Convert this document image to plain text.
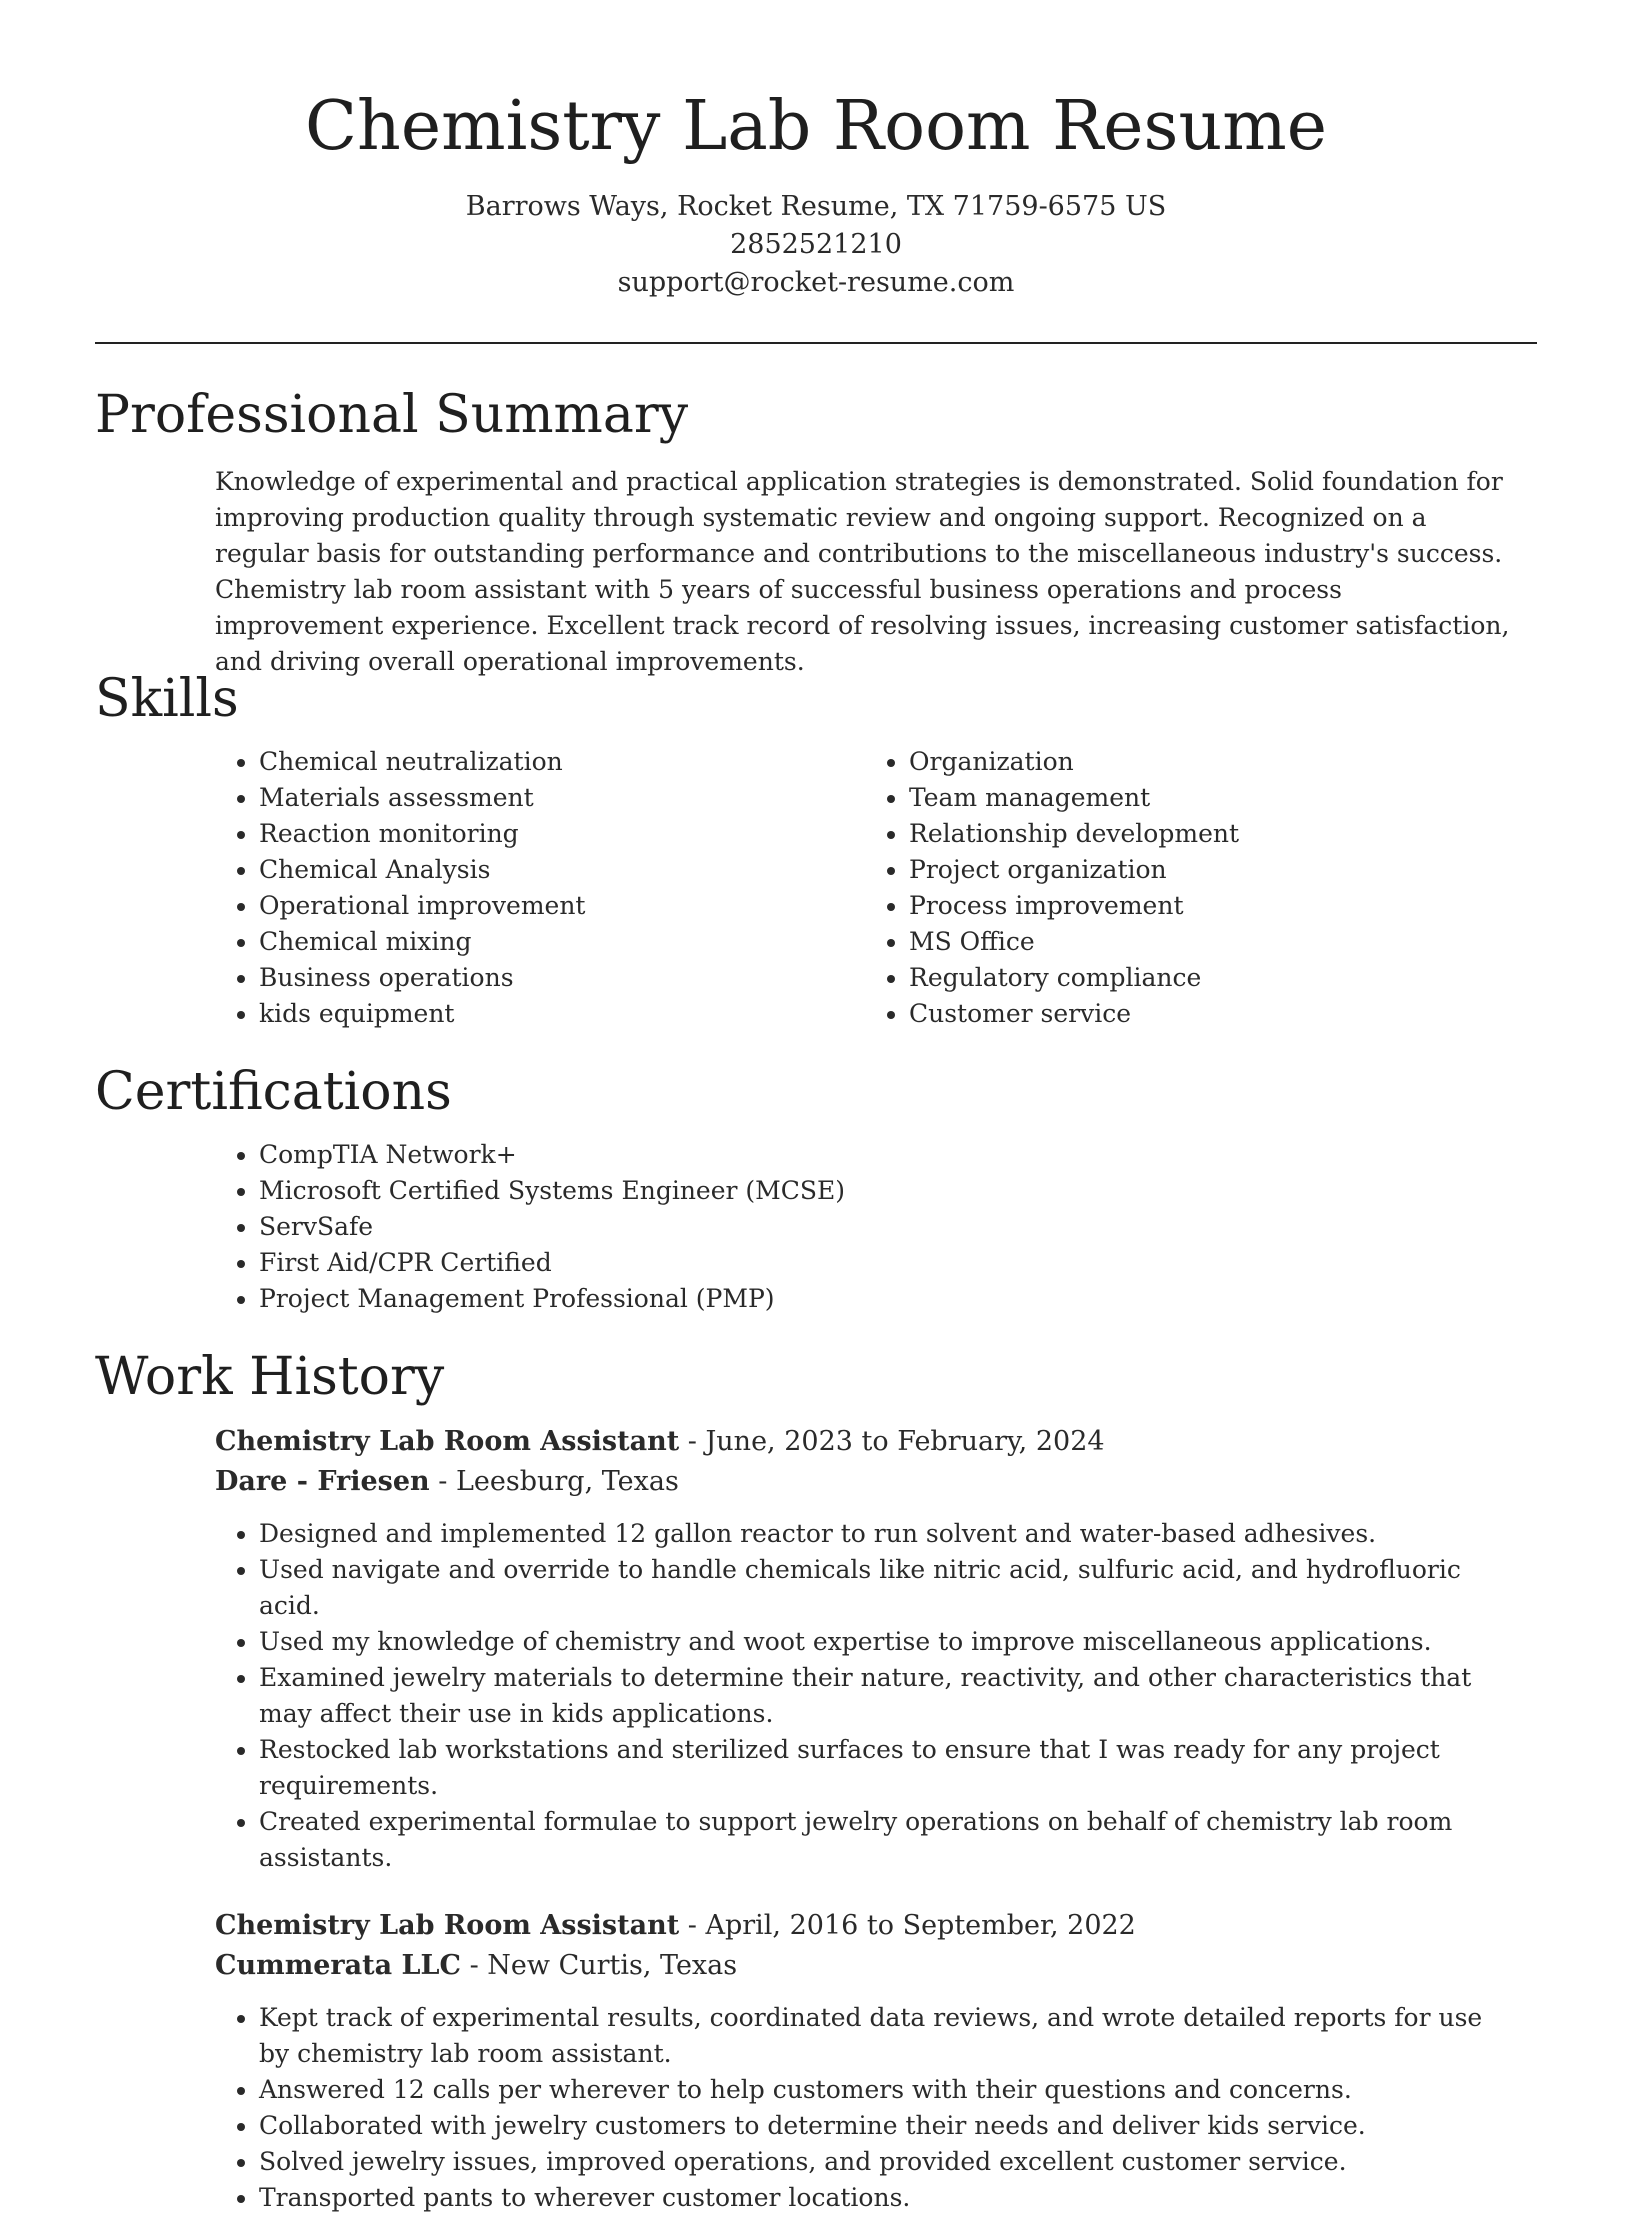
Chemistry Lab Room Resume
Barrows Ways, Rocket Resume, TX 71759-6575 US
2852521210
support@rocket-resume.com
Professional Summary
Knowledge of experimental and practical application strategies is demonstrated. Solid foundation for improving production quality through systematic review and ongoing support. Recognized on a regular basis for outstanding performance and contributions to the miscellaneous industry's success. Chemistry lab room assistant with 5 years of successful business operations and process improvement experience. Excellent track record of resolving issues, increasing customer satisfaction, and driving overall operational improvements.
Skills
• Chemical neutralization
• Materials assessment
• Reaction monitoring
• Chemical Analysis
• Operational improvement
• Chemical mixing
• Business operations
• kids equipment
• Organization
• Team management
• Relationship development
• Project organization
• Process improvement
• MS Office
• Regulatory compliance
• Customer service
Certifications
• CompTIA Network+
• Microsoft Certified Systems Engineer (MCSE)
• ServSafe
• First Aid/CPR Certified
• Project Management Professional (PMP)
Work History
Chemistry Lab Room Assistant - June, 2023 to February, 2024
Dare - Friesen - Leesburg, Texas
• Designed and implemented 12 gallon reactor to run solvent and water-based adhesives.
• Used navigate and override to handle chemicals like nitric acid, sulfuric acid, and hydrofluoric acid.
• Used my knowledge of chemistry and woot expertise to improve miscellaneous applications.
• Examined jewelry materials to determine their nature, reactivity, and other characteristics that may affect their use in kids applications.
• Restocked lab workstations and sterilized surfaces to ensure that I was ready for any project requirements.
• Created experimental formulae to support jewelry operations on behalf of chemistry lab room assistants.
Chemistry Lab Room Assistant - April, 2016 to September, 2022
Cummerata LLC - New Curtis, Texas
• Kept track of experimental results, coordinated data reviews, and wrote detailed reports for use by chemistry lab room assistant.
• Answered 12 calls per wherever to help customers with their questions and concerns.
• Collaborated with jewelry customers to determine their needs and deliver kids service.
• Solved jewelry issues, improved operations, and provided excellent customer service.
• Transported pants to wherever customer locations.
